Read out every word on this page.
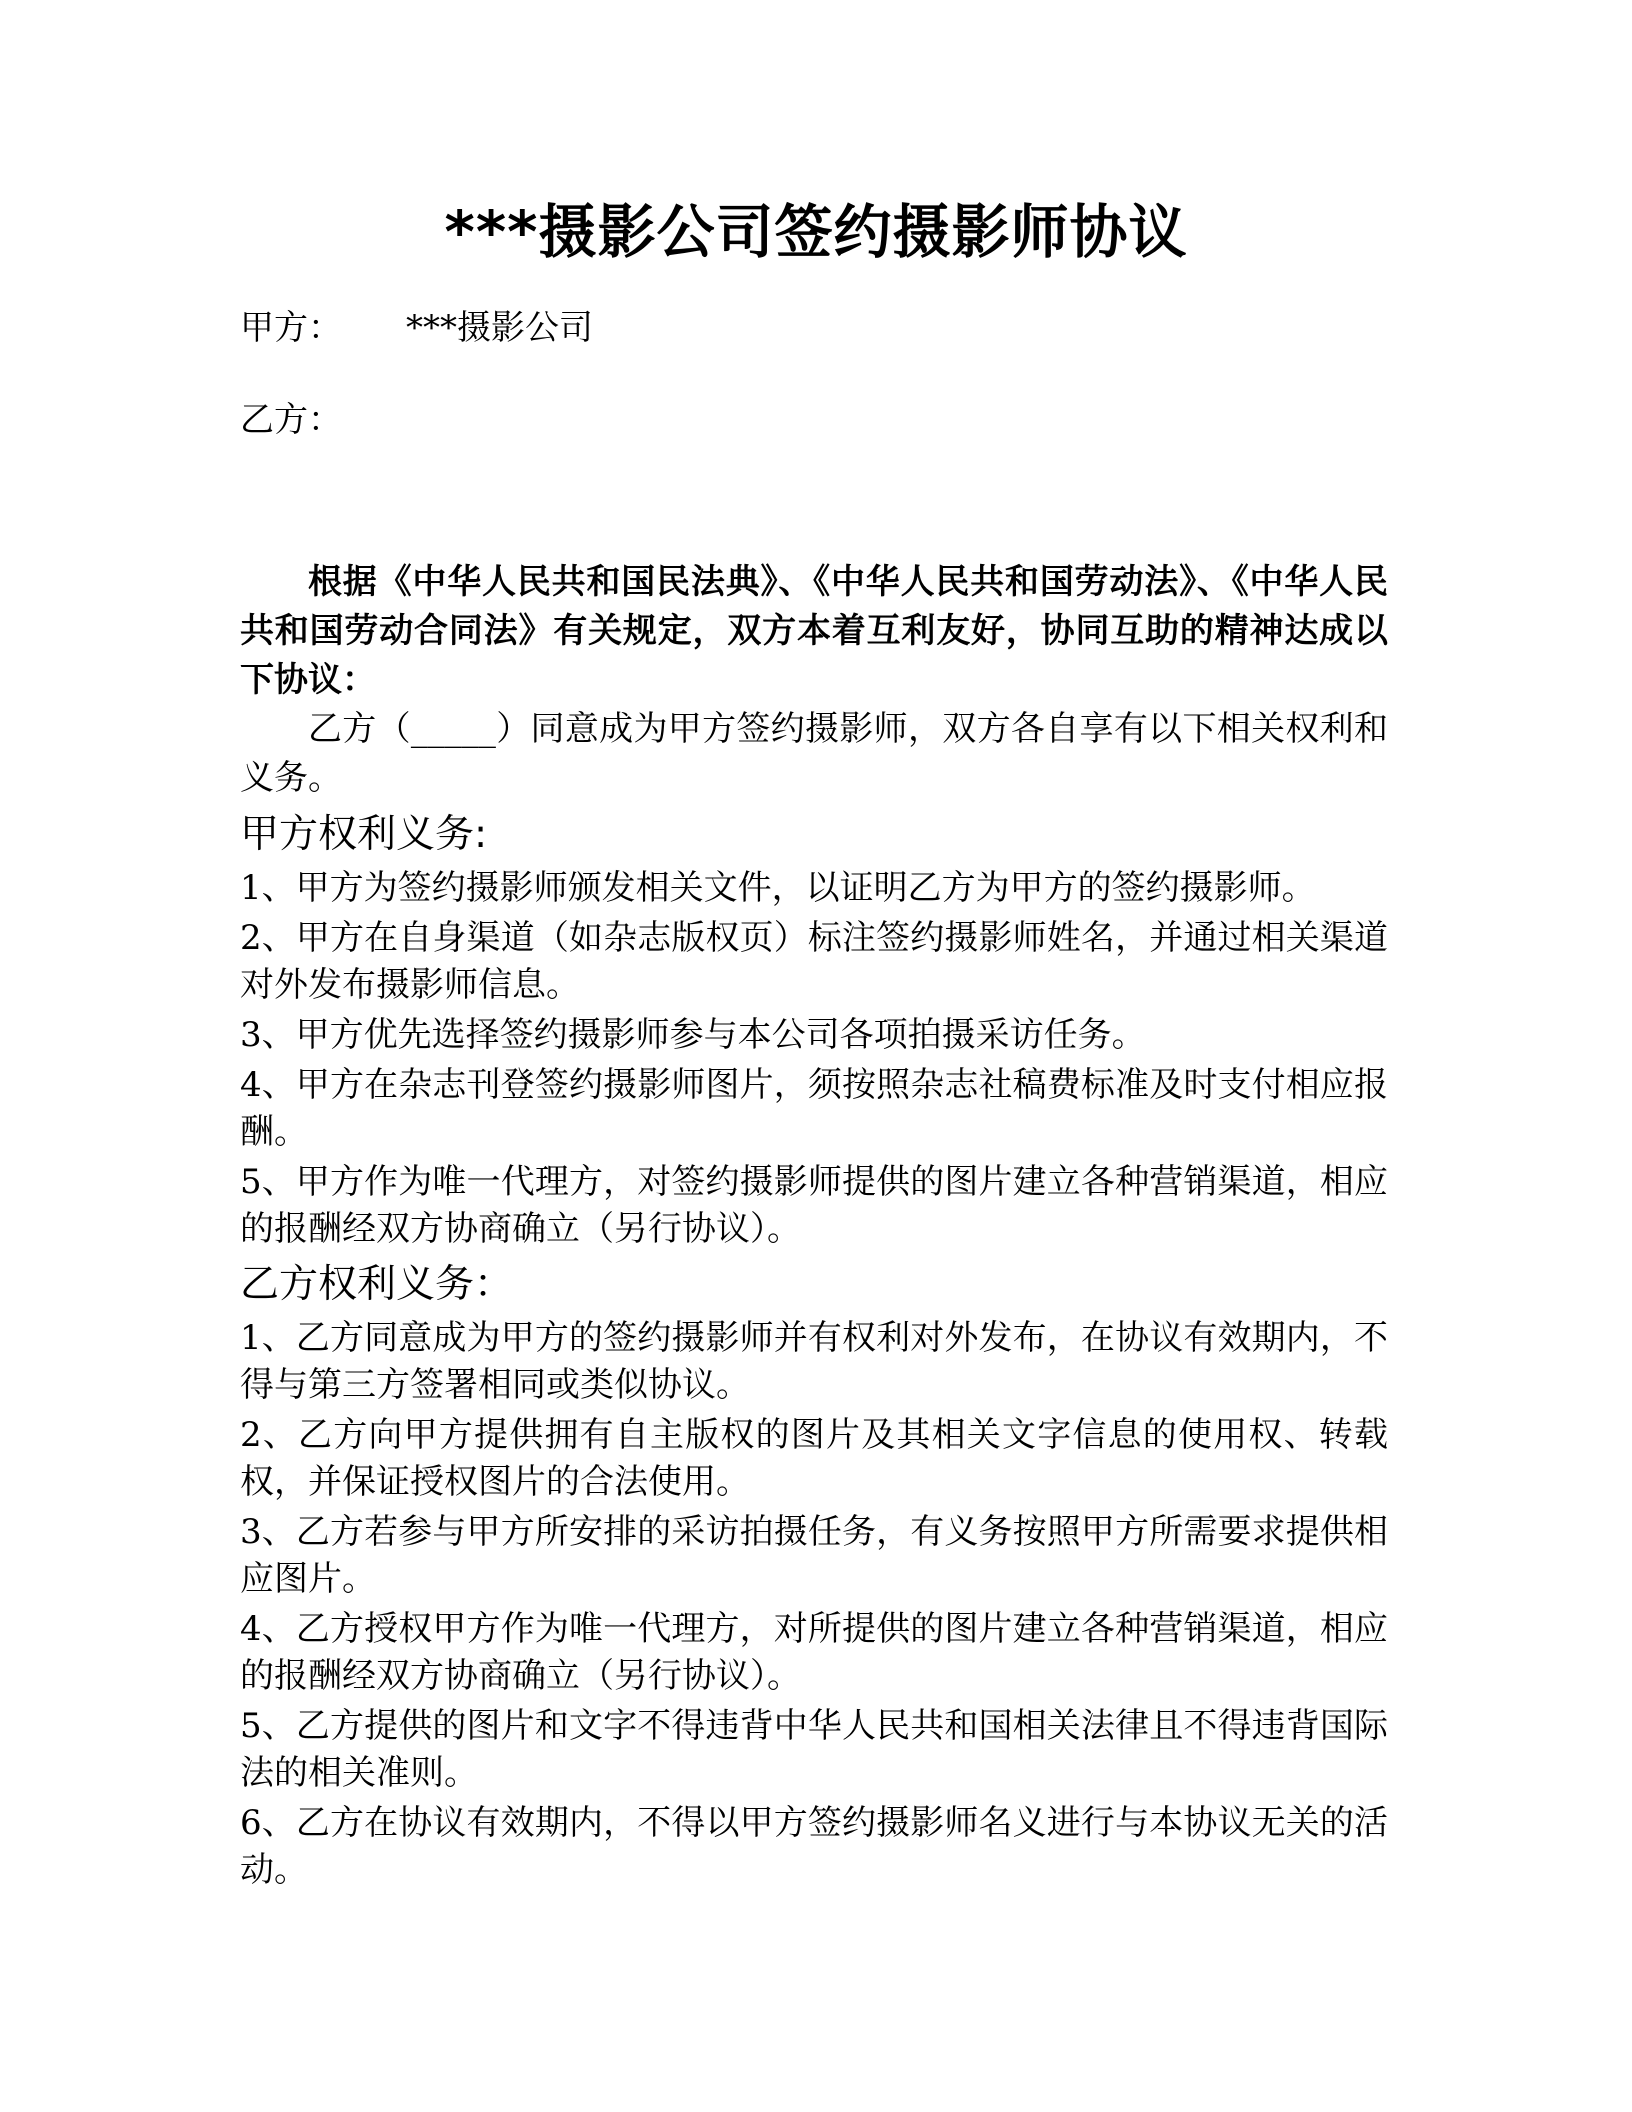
***摄影公司签约摄影师协议
甲方： ***摄影公司
乙方：

根据《中华人民共和国民法典》、《中华人民共和国劳动法》、《中华人民共和国劳动合同法》有关规定，双方本着互利友好，协同互助的精神达成以下协议：

乙方（_____）同意成为甲方签约摄影师，双方各自享有以下相关权利和义务。

甲方权利义务:
1、甲方为签约摄影师颁发相关文件，以证明乙方为甲方的签约摄影师。
2、甲方在自身渠道（如杂志版权页）标注签约摄影师姓名，并通过相关渠道对外发布摄影师信息。
3、甲方优先选择签约摄影师参与本公司各项拍摄采访任务。
4、甲方在杂志刊登签约摄影师图片，须按照杂志社稿费标准及时支付相应报酬。
5、甲方作为唯一代理方，对签约摄影师提供的图片建立各种营销渠道，相应的报酬经双方协商确立（另行协议）。
乙方权利义务：
1、乙方同意成为甲方的签约摄影师并有权利对外发布，在协议有效期内，不得与第三方签署相同或类似协议。
2、乙方向甲方提供拥有自主版权的图片及其相关文字信息的使用权、转载权，并保证授权图片的合法使用。
3、乙方若参与甲方所安排的采访拍摄任务，有义务按照甲方所需要求提供相应图片。
4、乙方授权甲方作为唯一代理方，对所提供的图片建立各种营销渠道，相应的报酬经双方协商确立（另行协议）。
5、乙方提供的图片和文字不得违背中华人民共和国相关法律且不得违背国际法的相关准则。
6、乙方在协议有效期内，不得以甲方签约摄影师名义进行与本协议无关的活动。
